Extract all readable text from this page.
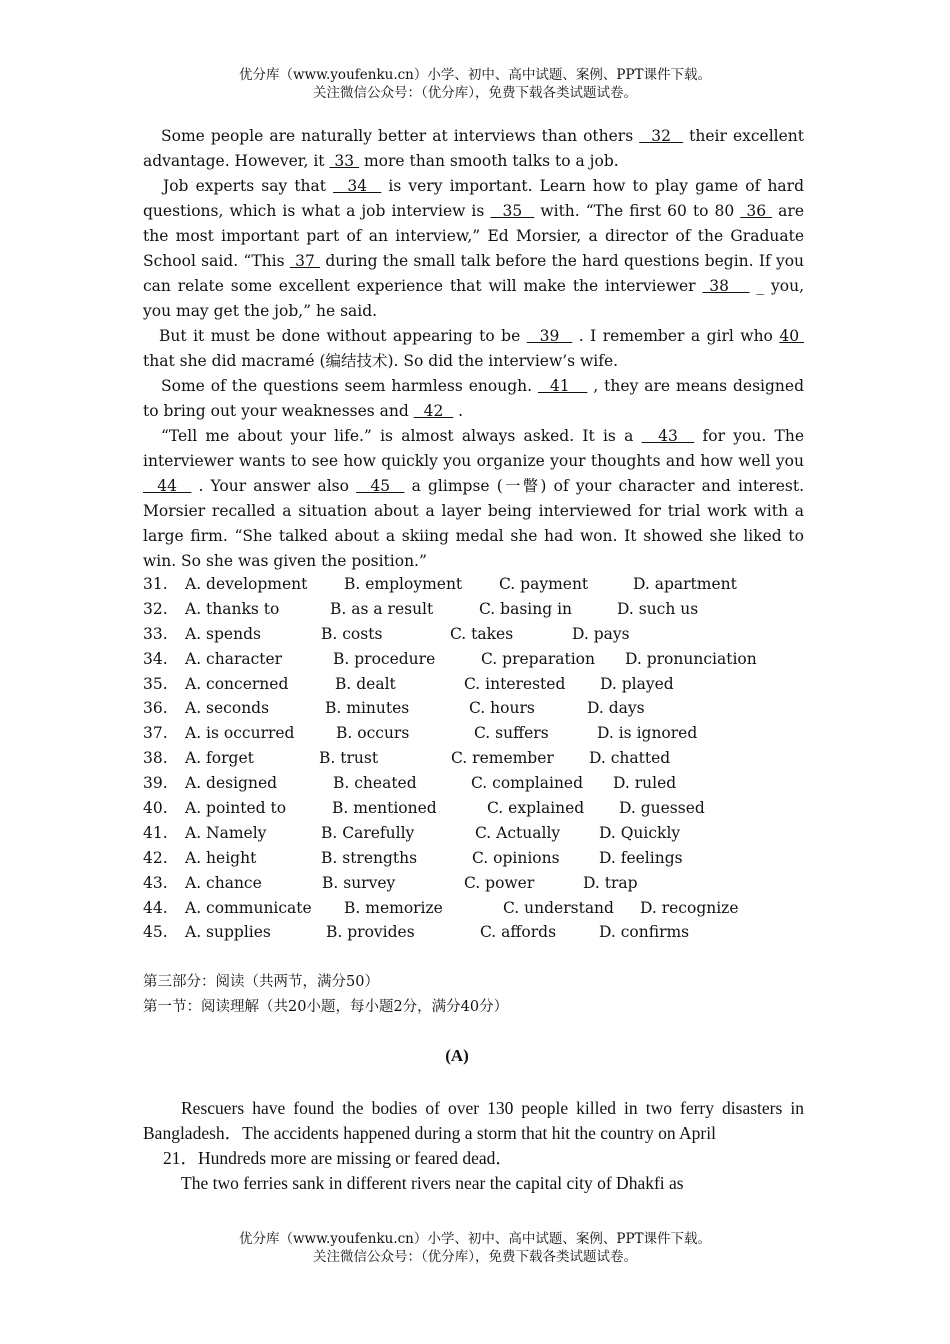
优分库（www.youfenku.cn）小学、初中、高中试题、案例、PPT课件下载。
关注微信公众号：（优分库），免费下载各类试题试卷。

Some people are naturally better at interviews than others   32   their excellent advantage. However, it  33  more than smooth talks to a job.

Job experts say that   34   is very important. Learn how to play game of hard questions, which is what a job interview is   35   with. “The first 60 to 80  36  are the most important part of an interview,” Ed Morsier, a director of the Graduate School said. “This  37  during the small talk before the hard questions begin. If you can relate some excellent experience that will make the interviewer  38    _ you, you may get the job,” he said.

But it must be done without appearing to be   39   . I remember a girl who 40  that she did macramé (编结技术). So did the interview’s wife.

Some of the questions seem harmless enough.   41    , they are means designed to bring out your weaknesses and   42   .

“Tell me about your life.” is almost always asked. It is a   43   for you. The interviewer wants to see how quickly you organize your thoughts and how well you   44   . Your answer also   45   a glimpse (一瞥) of your character and interest. Morsier recalled a situation about a layer being interviewed for trial work with a large firm. “She talked about a skiing medal she had won. It showed she liked to win. So she was given the position.”

31. A. development B. employment C. payment	D. apartment
32. A. thanks to	B. as a result	C. basing in	D. such us
33. A. spends	B. costs	C. takes	D. pays
34. A. character	B. procedure	C. preparation D. pronunciation
35. A. concerned	B. dealt	C. interested D. played
36. A. seconds	B. minutes	C. hours	D. days
37. A. is occurred	B. occurs	C. suffers	D. is ignored
38. A. forget	B. trust	C. remember D. chatted
39. A. designed	B. cheated	C. complained D. ruled
40. A. pointed to	B. mentioned	C. explained D. guessed
41. A. Namely	B. Carefully	C. Actually	D. Quickly
42. A. height	B. strengths	C. opinions	D. feelings
43. A. chance	B. survey	C. power	D. trap
44. A. communicate B. memorize	C. understand D. recognize
45. A. supplies	B. provides	C. affords	D. confirms
第三部分：阅读（共两节，满分50）
第一节：阅读理解（共20小题，每小题2分，满分40分）
(A)

Rescuers have found the bodies of over 130 people killed in two ferry disasters in Bangladesh．The accidents happened during a storm that hit the country on April

21．Hundreds more are missing or feared dead．

The two ferries sank in different rivers near the capital city of Dhakfi as

优分库（www.youfenku.cn）小学、初中、高中试题、案例、PPT课件下载。
关注微信公众号：（优分库），免费下载各类试题试卷。
